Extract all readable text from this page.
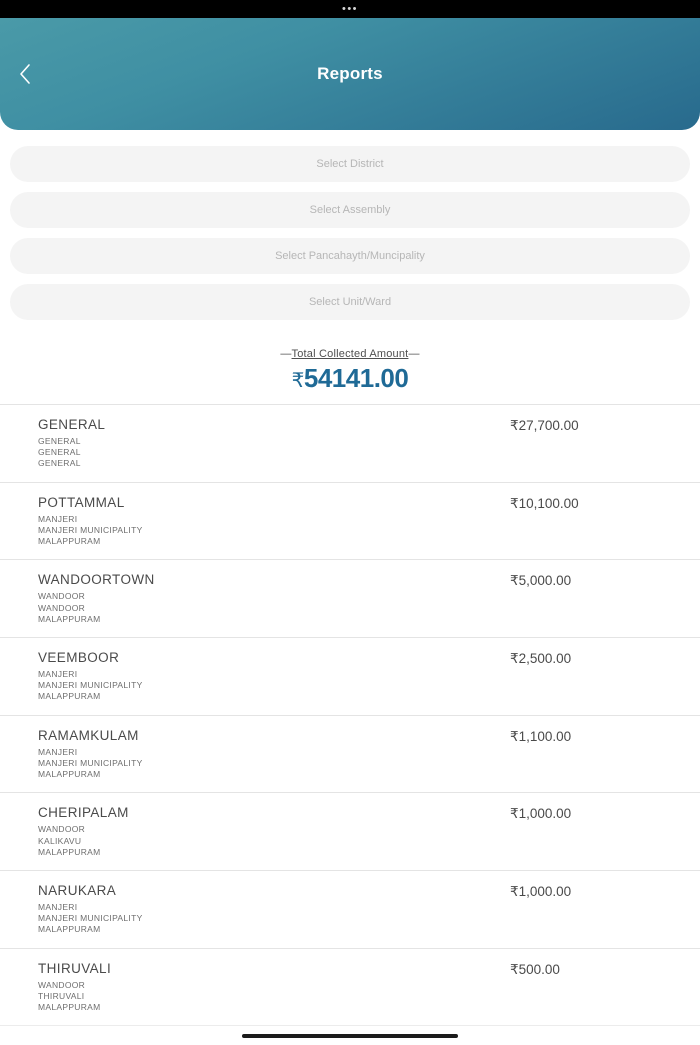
•••
Reports
Select District
Select Assembly
Select Pancahayth/Muncipality
Select Unit/Ward
—Total Collected Amount—
₹54141.00
GENERAL
GENERAL
GENERAL
GENERAL
₹27,700.00
POTTAMMAL
MANJERI
MANJERI MUNICIPALITY
MALAPPURAM
₹10,100.00
WANDOORTOWN
WANDOOR
WANDOOR
MALAPPURAM
₹5,000.00
VEEMBOOR
MANJERI
MANJERI MUNICIPALITY
MALAPPURAM
₹2,500.00
RAMAMKULAM
MANJERI
MANJERI MUNICIPALITY
MALAPPURAM
₹1,100.00
CHERIPALAM
WANDOOR
KALIKAVU
MALAPPURAM
₹1,000.00
NARUKARA
MANJERI
MANJERI MUNICIPALITY
MALAPPURAM
₹1,000.00
THIRUVALI
WANDOOR
THIRUVALI
MALAPPURAM
₹500.00
